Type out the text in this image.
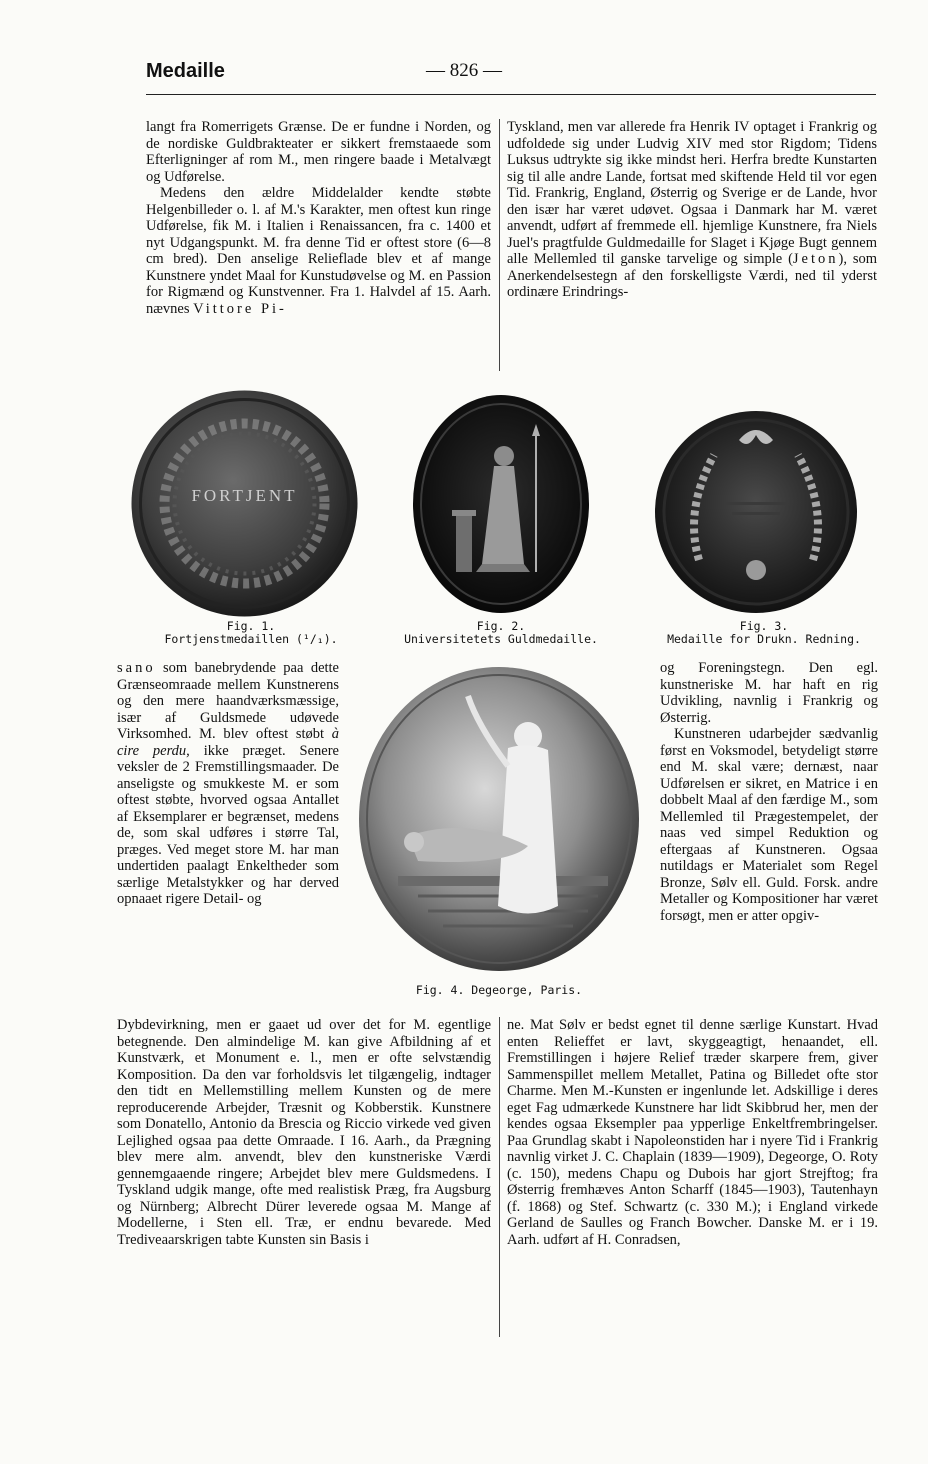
Medaille	— 826 —

langt fra Romerrigets Grænse. De er fundne i Norden, og de nordiske Guldbrakteater er sikkert fremstaaede som Efterligninger af rom M., men ringere baade i Metalvægt og Udførelse.

Medens den ældre Middelalder kendte støbte Helgenbilleder o. l. af M.'s Karakter, men oftest kun ringe Udførelse, fik M. i Italien i Renaissancen, fra c. 1400 et nyt Udgangspunkt. M. fra denne Tid er oftest store (6—8 cm bred). Den anselige Relieflade blev et af mange Kunstnere yndet Maal for Kunstudøvelse og M. en Passion for Rigmænd og Kunstvenner. Fra 1. Halvdel af 15. Aarh. nævnes Vittore Pi-

Tyskland, men var allerede fra Henrik IV optaget i Frankrig og udfoldede sig under Ludvig XIV med stor Rigdom; Tidens Luksus udtrykte sig ikke mindst heri. Herfra bredte Kunstarten sig til alle andre Lande, fortsat med skiftende Held til vor egen Tid. Frankrig, England, Østerrig og Sverige er de Lande, hvor den især har været udøvet. Ogsaa i Danmark har M. været anvendt, udført af fremmede ell. hjemlige Kunstnere, fra Niels Juel's pragtfulde Guldmedaille for Slaget i Kjøge Bugt gennem alle Mellemled til ganske tarvelige og simple (Jeton), som Anerkendelsestegn af den forskelligste Værdi, ned til yderst ordinære Erindrings-

FORTJENT
Fig. 1.
Fortjenstmedaillen (¹/₁).
Fig. 2.
Universitetets Guldmedaille.
Fig. 3.
Medaille for Drukn. Redning.

sano som banebrydende paa dette Grænseomraade mellem Kunstnerens og den mere haandværksmæssige, især af Guldsmede udøvede Virksomhed. M. blev oftest støbt à cire perdu, ikke præget. Senere veksler de 2 Fremstillingsmaader. De anseligste og smukkeste M. er som oftest støbte, hvorved ogsaa Antallet af Eksemplarer er begrænset, medens de, som skal udføres i større Tal, præges. Ved meget store M. har man undertiden paalagt Enkeltheder som særlige Metalstykker og har derved opnaaet rigere Detail- og

Fig. 4. Degeorge, Paris.

og Foreningstegn. Den egl. kunstneriske M. har haft en rig Udvikling, navnlig i Frankrig og Østerrig.

Kunstneren udarbejder sædvanlig først en Voksmodel, betydeligt større end M. skal være; dernæst, naar Udførelsen er sikret, en Matrice i en dobbelt Maal af den færdige M., som Mellemled til Prægestempelet, der naas ved simpel Reduktion og eftergaas af Kunstneren. Ogsaa nutildags er Materialet som Regel Bronze, Sølv ell. Guld. Forsk. andre Metaller og Kompositioner har været forsøgt, men er atter opgiv-

Dybdevirkning, men er gaaet ud over det for M. egentlige betegnende. Den almindelige M. kan give Afbildning af et Kunstværk, et Monument e. l., men er ofte selvstændig Komposition. Da den var forholdsvis let tilgængelig, indtager den tidt en Mellemstilling mellem Kunsten og de mere reproducerende Arbejder, Træsnit og Kobberstik. Kunstnere som Donatello, Antonio da Brescia og Riccio virkede ved given Lejlighed ogsaa paa dette Omraade. I 16. Aarh., da Prægning blev mere alm. anvendt, blev den kunstneriske Værdi gennemgaaende ringere; Arbejdet blev mere Guldsmedens. I Tyskland udgik mange, ofte med realistisk Præg, fra Augsburg og Nürnberg; Albrecht Dürer leverede ogsaa M. Mange af Modellerne, i Sten ell. Træ, er endnu bevarede. Med Trediveaarskrigen tabte Kunsten sin Basis i
ne. Mat Sølv er bedst egnet til denne særlige Kunstart. Hvad enten Relieffet er lavt, skyggeagtigt, henaandet, ell. Fremstillingen i højere Relief træder skarpere frem, giver Sammenspillet mellem Metallet, Patina og Billedet ofte stor Charme. Men M.-Kunsten er ingenlunde let. Adskillige i deres eget Fag udmærkede Kunstnere har lidt Skibbrud her, men der kendes ogsaa Eksempler paa ypperlige Enkeltfrembringelser. Paa Grundlag skabt i Napoleonstiden har i nyere Tid i Frankrig navnlig virket J. C. Chaplain (1839—1909), Degeorge, O. Roty (c. 150), medens Chapu og Dubois har gjort Strejftog; fra Østerrig fremhæves Anton Scharff (1845—1903), Tautenhayn (f. 1868) og Stef. Schwartz (c. 330 M.); i England virkede Gerland de Saulles og Franch Bowcher. Danske M. er i 19. Aarh. udført af H. Conradsen,
